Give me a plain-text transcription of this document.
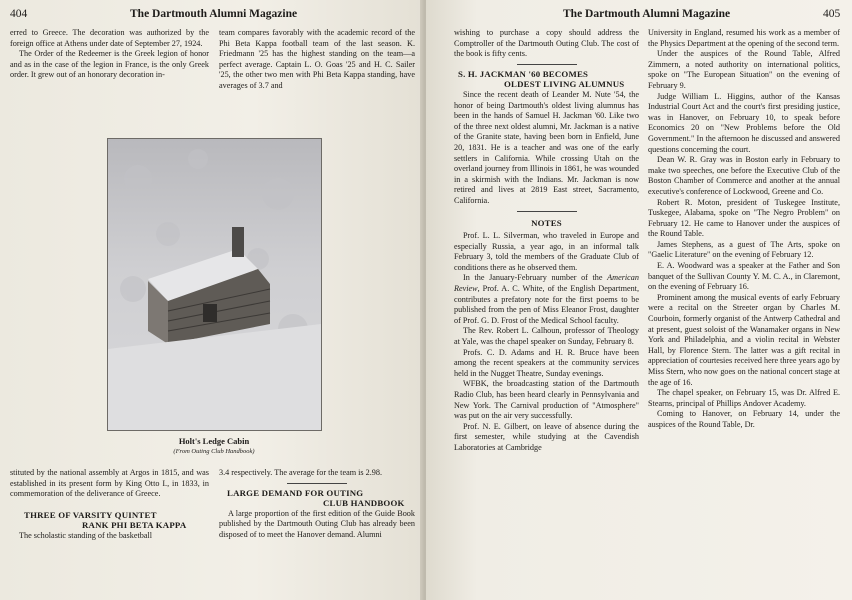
404	The Dartmouth Alumni Magazine

erred to Greece. The decoration was authorized by the foreign office at Athens under date of September 27, 1924.

The Order of the Redeemer is the Greek legion of honor and as in the case of the legion in France, is the only Greek order. It grew out of an honorary decoration in-

team compares favorably with the academic record of the Phi Beta Kappa football team of the last season. K. Friedmann '25 has the highest standing on the team—a perfect average. Captain L. O. Goas '25 and H. C. Sailer '25, the other two men with Phi Beta Kappa standing, have averages of 3.7 and

Holt's Ledge Cabin
(From Outing Club Handbook)

stituted by the national assembly at Argos in 1815, and was established in its present form by King Otto I., in 1833, in commemoration of the deliverance of Greece.

THREE OF VARSITY QUINTET
RANK PHI BETA KAPPA

The scholastic standing of the basketball

3.4 respectively. The average for the team is 2.98.

LARGE DEMAND FOR OUTING
CLUB HANDBOOK

A large proportion of the first edition of the Guide Book published by the Dartmouth Outing Club has already been disposed of to meet the Hanover demand. Alumni

The Dartmouth Alumni Magazine	405

wishing to purchase a copy should address the Comptroller of the Dartmouth Outing Club. The cost of the book is fifty cents.

S. H. JACKMAN '60 BECOMES
OLDEST LIVING ALUMNUS

Since the recent death of Leander M. Nute '54, the honor of being Dartmouth's oldest living alumnus has been in the hands of Samuel H. Jackman '60. Like two of the three next oldest alumni, Mr. Jackman is a native of the Granite state, having been born in Enfield, June 20, 1831. He is a teacher and was one of the early settlers in California. While crossing Utah on the overland journey from Illinois in 1861, he was wounded in a skirmish with the Indians. Mr. Jackman is now retired and lives at 2819 East street, Sacramento, California.

NOTES

Prof. L. L. Silverman, who traveled in Europe and especially Russia, a year ago, in an informal talk February 3, told the members of the Graduate Club of conditions there as he observed them.

In the January-February number of the American Review, Prof. A. C. White, of the English Department, contributes a prefatory note for the first poems to be published from the pen of Miss Eleanor Frost, daughter of Prof. G. D. Frost of the Medical School faculty.

The Rev. Robert L. Calhoun, professor of Theology at Yale, was the chapel speaker on Sunday, February 8.

Profs. C. D. Adams and H. R. Bruce have been among the recent speakers at the community services held in the Nugget Theatre, Sunday evenings.

WFBK, the broadcasting station of the Dartmouth Radio Club, has been heard clearly in Pennsylvania and New York. The Carnival production of "Atmosphere" was put on the air very successfully.

Prof. N. E. Gilbert, on leave of absence during the first semester, while studying at the Cavendish Laboratories at Cambridge

University in England, resumed his work as a member of the Physics Department at the opening of the second term.

Under the auspices of the Round Table, Alfred Zimmern, a noted authority on international politics, spoke on "The European Situation" on the evening of February 9.

Judge William L. Higgins, author of the Kansas Industrial Court Act and the court's first presiding justice, was in Hanover, on February 10, to speak before Economics 20 on "New Problems before the Old Government." In the afternoon he discussed and answered questions concerning the court.

Dean W. R. Gray was in Boston early in February to make two speeches, one before the Executive Club of the Boston Chamber of Commerce and another at the annual executive's conference of Lockwood, Greene and Co.

Robert R. Moton, president of Tuskegee Institute, Tuskegee, Alabama, spoke on "The Negro Problem" on February 12. He came to Hanover under the auspices of the Round Table.

James Stephens, as a guest of The Arts, spoke on "Gaelic Literature" on the evening of February 12.

E. A. Woodward was a speaker at the Father and Son banquet of the Sullivan County Y. M. C. A., in Claremont, on the evening of February 16.

Prominent among the musical events of early February were a recital on the Streeter organ by Charles M. Courboin, formerly organist of the Antwerp Cathedral and at present, guest soloist of the Wanamaker organs in New York and Philadelphia, and a violin recital in Webster Hall, by Florence Stern. The latter was a gift recital in appreciation of courtesies received here three years ago by Miss Stern, who now goes on the national concert stage at the age of 16.

The chapel speaker, on February 15, was Dr. Alfred E. Stearns, principal of Phillips Andover Academy.

Coming to Hanover, on February 14, under the auspices of the Round Table, Dr.
